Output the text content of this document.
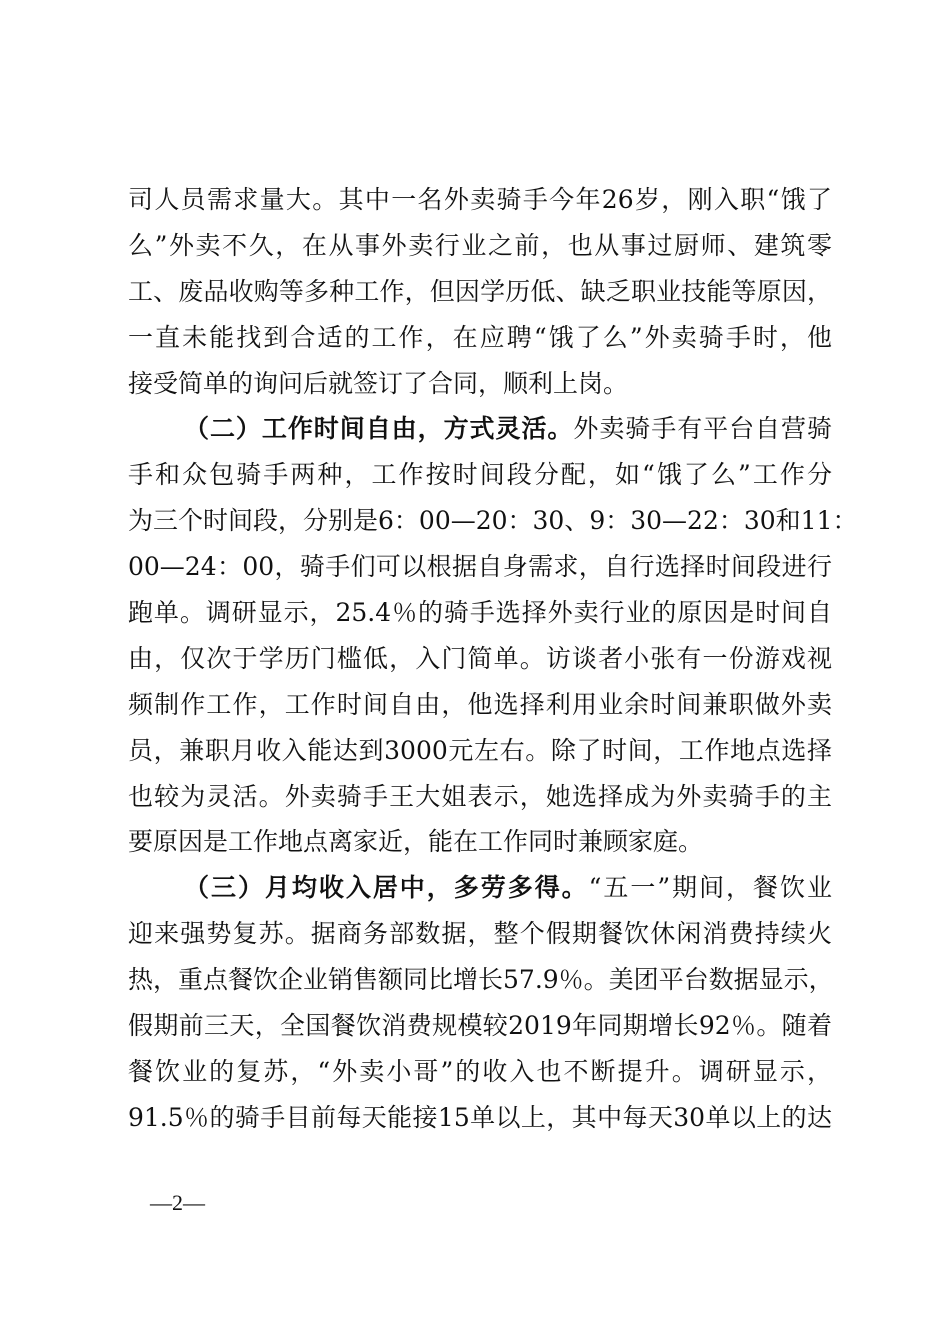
司人员需求量大。其中一名外卖骑手今年26岁，刚入职“饿了
么”外卖不久，在从事外卖行业之前，也从事过厨师、建筑零
工、废品收购等多种工作，但因学历低、缺乏职业技能等原因，
一直未能找到合适的工作，在应聘“饿了么”外卖骑手时，他
接受简单的询问后就签订了合同，顺利上岗。
（二）工作时间自由，方式灵活。外卖骑手有平台自营骑
手和众包骑手两种，工作按时间段分配，如“饿了么”工作分
为三个时间段，分别是6：00—20：30、9：30—22：30和11：
00—24：00，骑手们可以根据自身需求，自行选择时间段进行
跑单。调研显示，25.4％的骑手选择外卖行业的原因是时间自
由，仅次于学历门槛低，入门简单。访谈者小张有一份游戏视
频制作工作，工作时间自由，他选择利用业余时间兼职做外卖
员，兼职月收入能达到3000元左右。除了时间，工作地点选择
也较为灵活。外卖骑手王大姐表示，她选择成为外卖骑手的主
要原因是工作地点离家近，能在工作同时兼顾家庭。
（三）月均收入居中，多劳多得。“五一”期间，餐饮业
迎来强势复苏。据商务部数据，整个假期餐饮休闲消费持续火
热，重点餐饮企业销售额同比增长57.9％。美团平台数据显示，
假期前三天，全国餐饮消费规模较2019年同期增长92％。随着
餐饮业的复苏，“外卖小哥”的收入也不断提升。调研显示，
91.5％的骑手目前每天能接15单以上，其中每天30单以上的达
—2—
